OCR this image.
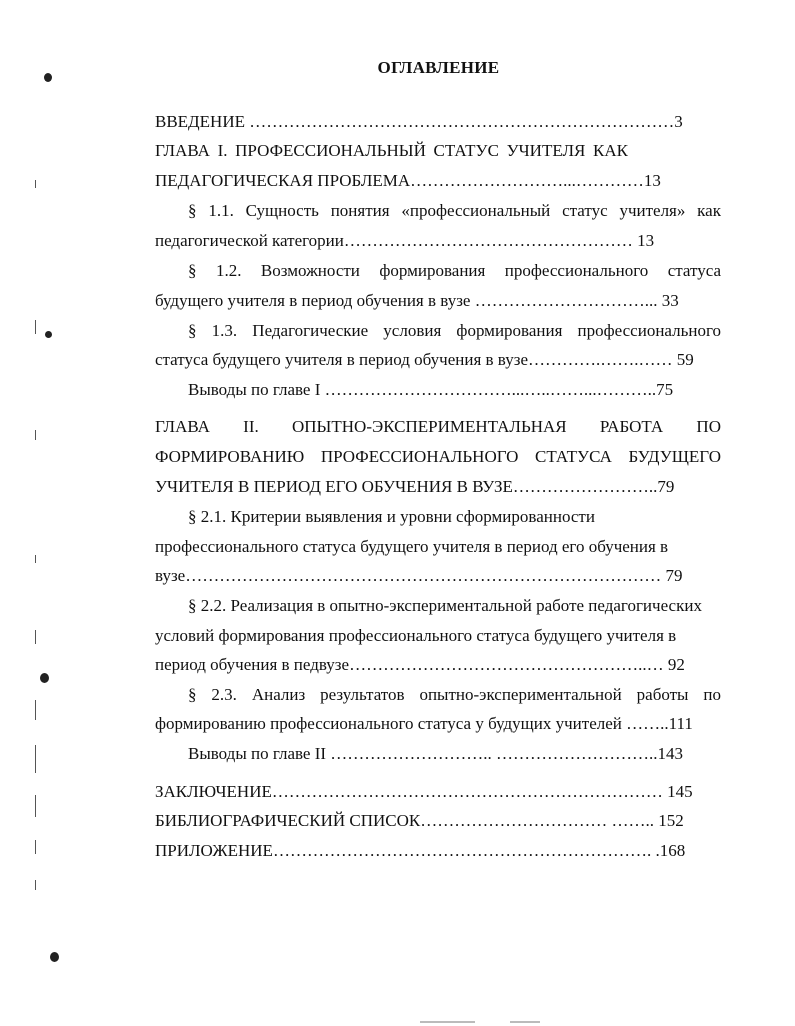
ОГЛАВЛЕНИЕ
ВВЕДЕНИЕ …………………………………………………………………3
ГЛАВА I. ПРОФЕССИОНАЛЬНЫЙ СТАТУС УЧИТЕЛЯ КАК
ПЕДАГОГИЧЕСКАЯ ПРОБЛЕМА………………………...…………13
§ 1.1. Сущность понятия «профессиональный статус учителя» как
педагогической категории…………………………………………… 13
§ 1.2. Возможности формирования профессионального статуса
будущего учителя в период обучения в вузе …………………………... 33
§ 1.3. Педагогические условия формирования профессионального
статуса будущего учителя в период обучения в вузе………….…….…… 59
Выводы по главе I ……………………………...…..……...………..75
ГЛАВА II. ОПЫТНО-ЭКСПЕРИМЕНТАЛЬНАЯ РАБОТА ПО
ФОРМИРОВАНИЮ ПРОФЕССИОНАЛЬНОГО СТАТУСА БУДУЩЕГО
УЧИТЕЛЯ В ПЕРИОД ЕГО ОБУЧЕНИЯ В ВУЗЕ……………………..79
§ 2.1. Критерии выявления и уровни сформированности
профессионального статуса будущего учителя в период его обучения в
вузе………………………………………………………………………… 79
§ 2.2. Реализация в опытно-экспериментальной работе педагогических
условий формирования профессионального статуса будущего учителя в
период обучения в педвузе……………………………………………..… 92
§ 2.3. Анализ результатов опытно-экспериментальной работы по
формированию профессионального статуса у будущих учителей ……..111
Выводы по главе II ……………………….. ………………………..143
ЗАКЛЮЧЕНИЕ…………………………………………………………… 145
БИБЛИОГРАФИЧЕСКИЙ СПИСОК…………………………… …….. 152
ПРИЛОЖЕНИЕ…………………………………………………………. .168
